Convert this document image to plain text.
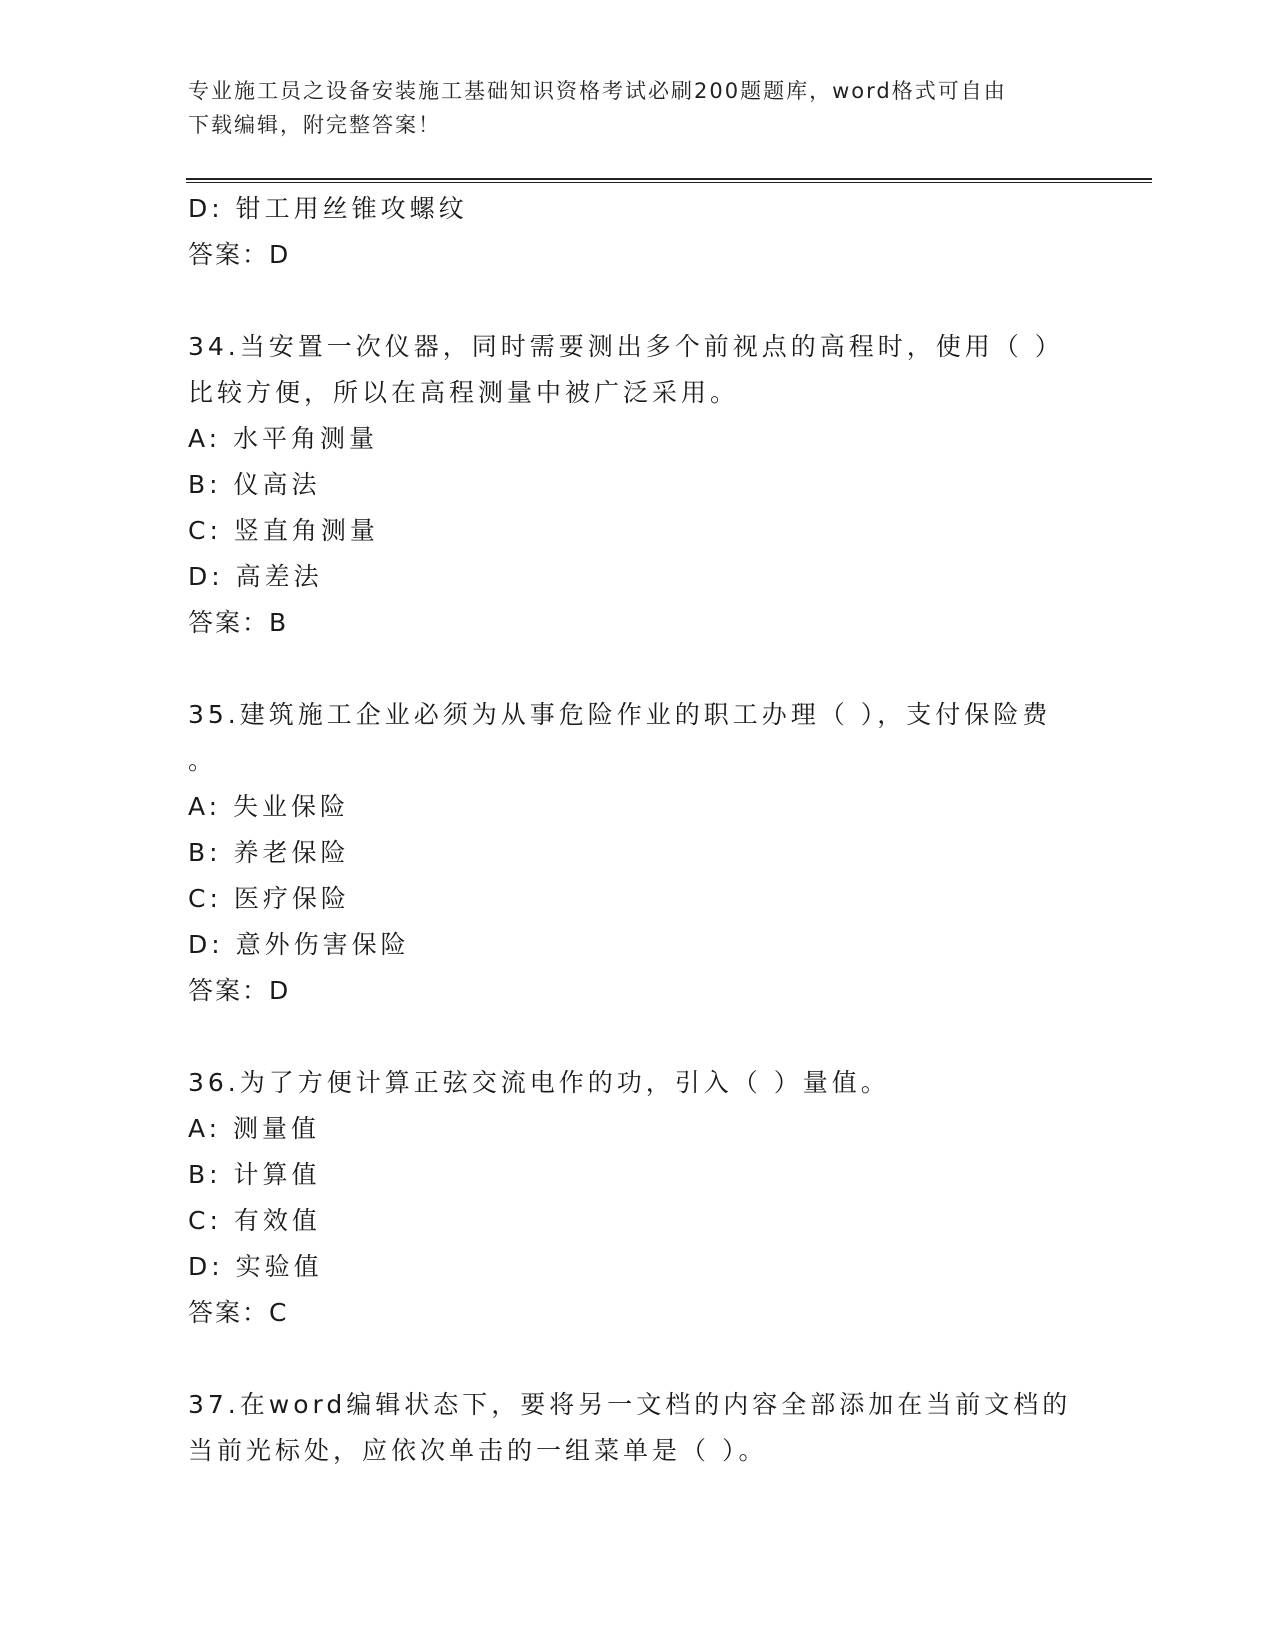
专业施工员之设备安装施工基础知识资格考试必刷200题题库，word格式可自由
下载编辑，附完整答案！
D: 钳工用丝锥攻螺纹
答案：D
34.当安置一次仪器，同时需要测出多个前视点的高程时，使用（ ）
比较方便，所以在高程测量中被广泛采用。
A: 水平角测量
B: 仪高法
C: 竖直角测量
D: 高差法
答案：B
35.建筑施工企业必须为从事危险作业的职工办理（ ），支付保险费
。
A: 失业保险
B: 养老保险
C: 医疗保险
D: 意外伤害保险
答案：D
36.为了方便计算正弦交流电作的功，引入（ ）量值。
A: 测量值
B: 计算值
C: 有效值
D: 实验值
答案：C
37.在word编辑状态下，要将另一文档的内容全部添加在当前文档的
当前光标处，应依次单击的一组菜单是（ ）。
